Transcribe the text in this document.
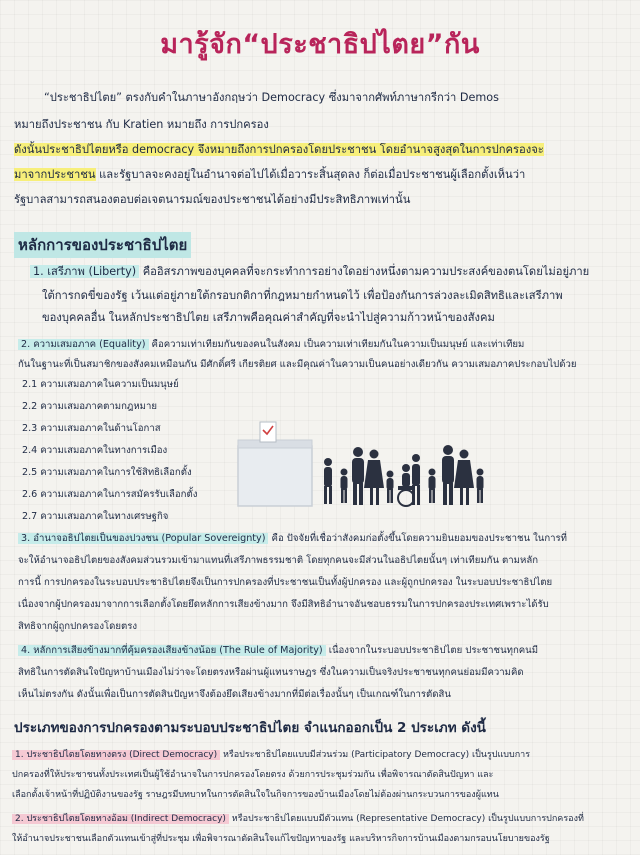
มารู้จัก“ประชาธิปไตย”กัน
“ประชาธิปไตย” ตรงกับคำในภาษาอังกฤษว่า Democracy ซึ่งมาจากศัพท์ภาษากรีกว่า Demos
หมายถึงประชาชน กับ Kratien หมายถึง การปกครอง
ดังนั้นประชาธิปไตยหรือ democracy จึงหมายถึงการปกครองโดยประชาชน โดยอำนาจสูงสุดในการปกครองจะ
มาจากประชาชน และรัฐบาลจะคงอยู่ในอำนาจต่อไปได้เมื่อวาระสิ้นสุดลง ก็ต่อเมื่อประชาชนผู้เลือกตั้งเห็นว่า
รัฐบาลสามารถสนองตอบต่อเจตนารมณ์ของประชาชนได้อย่างมีประสิทธิภาพเท่านั้น
หลักการของประชาธิปไตย
1. เสรีภาพ (Liberty) คืออิสรภาพของบุคคลที่จะกระทำการอย่างใดอย่างหนึ่งตามความประสงค์ของตนโดยไม่อยู่ภาย
ใต้การกดขี่ของรัฐ เว้นแต่อยู่ภายใต้กรอบกติกาที่กฎหมายกำหนดไว้ เพื่อป้องกันการล่วงละเมิดสิทธิและเสรีภาพ
ของบุคคลอื่น ในหลักประชาธิปไตย เสรีภาพคือคุณค่าสำคัญที่จะนำไปสู่ความก้าวหน้าของสังคม
2. ความเสมอภาค (Equality) คือความเท่าเทียมกันของคนในสังคม เป็นความเท่าเทียมกันในความเป็นมนุษย์ และเท่าเทียม
กันในฐานะที่เป็นสมาชิกของสังคมเหมือนกัน มีศักดิ์ศรี เกียรติยศ และมีคุณค่าในความเป็นคนอย่างเดียวกัน ความเสมอภาคประกอบไปด้วย
2.1 ความเสมอภาคในความเป็นมนุษย์
2.2 ความเสมอภาคตามกฎหมาย
2.3 ความเสมอภาคในด้านโอกาส
2.4 ความเสมอภาคในทางการเมือง
2.5 ความเสมอภาคในการใช้สิทธิเลือกตั้ง
2.6 ความเสมอภาคในการสมัครรับเลือกตั้ง
2.7 ความเสมอภาคในทางเศรษฐกิจ
3. อำนาจอธิปไตยเป็นของปวงชน (Popular Sovereignty) คือ ปัจจัยที่เชื่อว่าสังคมก่อตั้งขึ้นโดยความยินยอมของประชาชน ในการที่
จะให้อำนาจอธิปไตยของสังคมส่วนรวมเข้ามาแทนที่เสรีภาพธรรมชาติ โดยทุกคนจะมีส่วนในอธิปไตยนั้นๆ เท่าเทียมกัน ตามหลัก
การนี้ การปกครองในระบอบประชาธิปไตยจึงเป็นการปกครองที่ประชาชนเป็นทั้งผู้ปกครอง และผู้ถูกปกครอง ในระบอบประชาธิปไตย
เนื่องจากผู้ปกครองมาจากการเลือกตั้งโดยยึดหลักการเสียงข้างมาก จึงมีสิทธิอำนาจอันชอบธรรมในการปกครองประเทศเพราะได้รับ
สิทธิจากผู้ถูกปกครองโดยตรง
4. หลักการเสียงข้างมากที่คุ้มครองเสียงข้างน้อย (The Rule of Majority) เนื่องจากในระบอบประชาธิปไตย ประชาชนทุกคนมี
สิทธิในการตัดสินใจปัญหาบ้านเมืองไม่ว่าจะโดยตรงหรือผ่านผู้แทนราษฎร ซึ่งในความเป็นจริงประชาชนทุกคนย่อมมีความคิด
เห็นไม่ตรงกัน ดังนั้นเพื่อเป็นการตัดสินปัญหาจึงต้องยึดเสียงข้างมากที่มีต่อเรื่องนั้นๆ เป็นเกณฑ์ในการตัดสิน
ประเภทของการปกครองตามระบอบประชาธิปไตย จำแนกออกเป็น 2 ประเภท ดังนี้
1. ประชาธิปไตยโดยทางตรง (Direct Democracy) หรือประชาธิปไตยแบบมีส่วนร่วม (Participatory Democracy) เป็นรูปแบบการ
ปกครองที่ให้ประชาชนทั้งประเทศเป็นผู้ใช้อำนาจในการปกครองโดยตรง ด้วยการประชุมร่วมกัน เพื่อพิจารณาตัดสินปัญหา และ
เลือกตั้งเจ้าหน้าที่ปฏิบัติงานของรัฐ ราษฎรมีบทบาทในการตัดสินใจในกิจการของบ้านเมืองโดยไม่ต้องผ่านกระบวนการของผู้แทน
2. ประชาธิปไตยโดยทางอ้อม (Indirect Democracy) หรือประชาธิปไตยแบบมีตัวแทน (Representative Democracy) เป็นรูปแบบการปกครองที่
ให้อำนาจประชาชนเลือกตัวแทนเข้าสู่ที่ประชุม เพื่อพิจารณาตัดสินใจแก้ไขปัญหาของรัฐ และบริหารกิจการบ้านเมืองตามกรอบนโยบายของรัฐ
